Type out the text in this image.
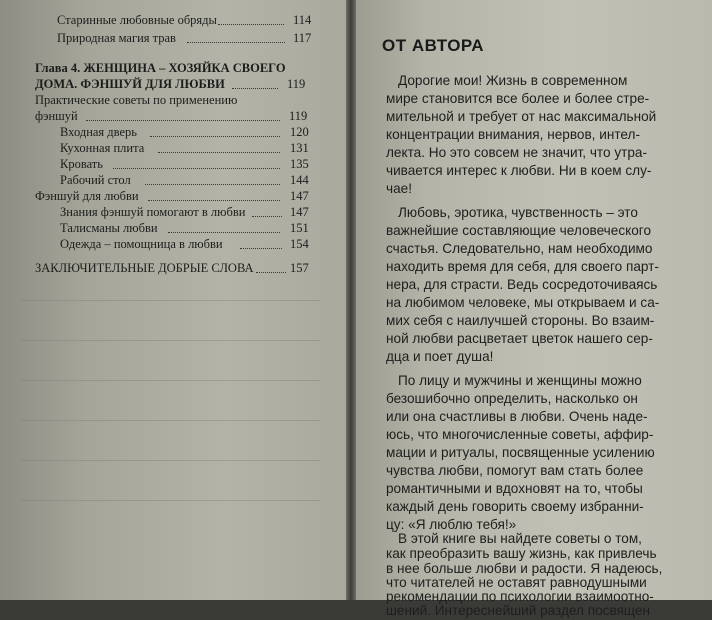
Старинные любовные обряды	114
Природная магия трав	117
Глава 4. ЖЕНЩИНА – ХОЗЯЙКА СВОЕГО
ДОМА. ФЭНШУЙ ДЛЯ ЛЮБВИ	119
Практические советы по применению
фэншуй	119
Входная дверь	120
Кухонная плита	131
Кровать	135
Рабочий стол	144
Фэншуй для любви	147
Знания фэншуй помогают в любви	147
Талисманы любви	151
Одежда – помощница в любви	154
ЗАКЛЮЧИТЕЛЬНЫЕ ДОБРЫЕ СЛОВА	157
ОТ АВТОРА
Дорогие мои! Жизнь в современном
мире становится все более и более стре-
мительной и требует от нас максимальной
концентрации внимания, нервов, интел-
лекта. Но это совсем не значит, что утра-
чивается интерес к любви. Ни в коем слу-
чае!
Любовь, эротика, чувственность – это
важнейшие составляющие человеческого
счастья. Следовательно, нам необходимо
находить время для себя, для своего парт-
нера, для страсти. Ведь сосредоточиваясь
на любимом человеке, мы открываем и са-
мих себя с наилучшей стороны. Во взаим-
ной любви расцветает цветок нашего сер-
дца и поет душа!
По лицу и мужчины и женщины можно
безошибочно определить, насколько он
или она счастливы в любви. Очень наде-
юсь, что многочисленные советы, аффир-
мации и ритуалы, посвященные усилению
чувства любви, помогут вам стать более
романтичными и вдохновят на то, чтобы
каждый день говорить своему избранни-
цу: «Я люблю тебя!»
В этой книге вы найдете советы о том,
как преобразить вашу жизнь, как привлечь
в нее больше любви и радости. Я надеюсь,
что читателей не оставят равнодушными
рекомендации по психологии взаимоотно-
шений. Интереснейший раздел посвящен
